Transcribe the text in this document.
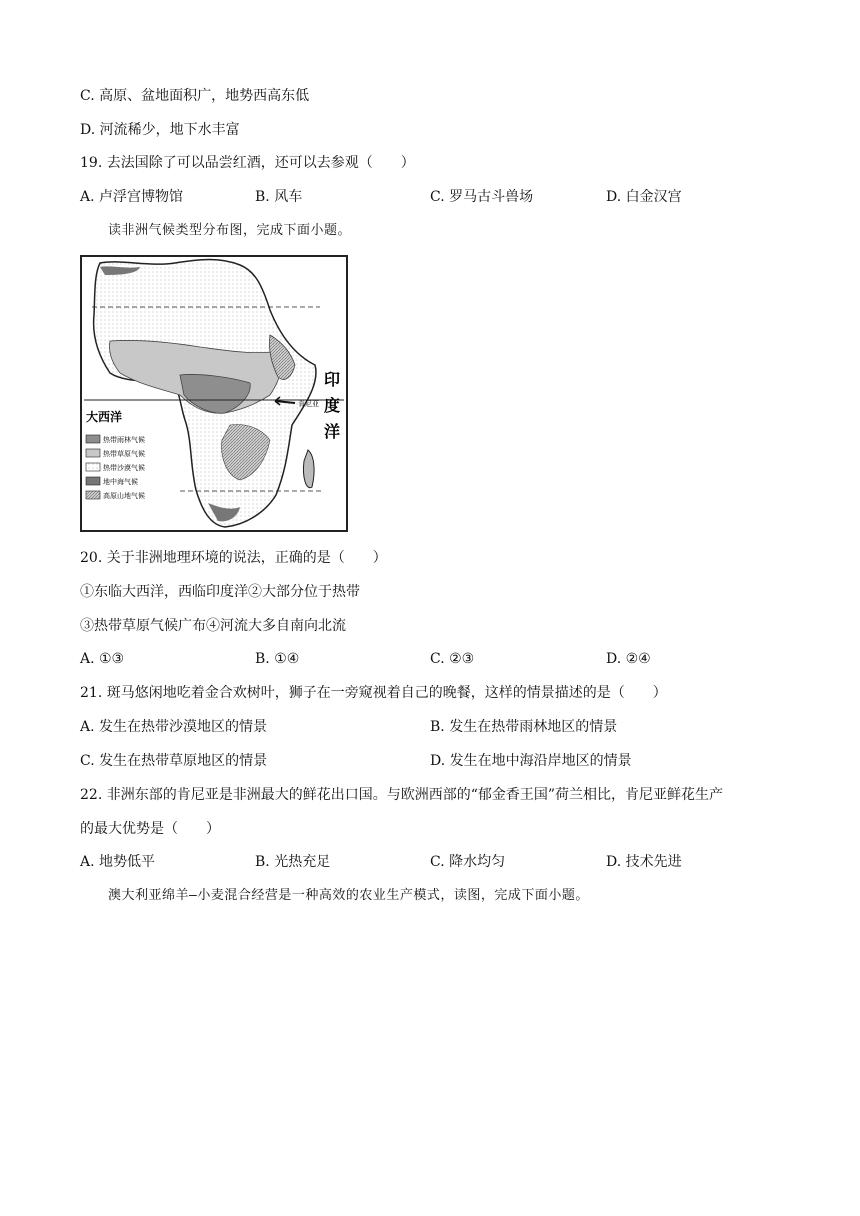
C. 高原、盆地面积广，地势西高东低
D. 河流稀少，地下水丰富
19. 去法国除了可以品尝红酒，还可以去参观（　　）
A. 卢浮宫博物馆	B. 风车	C. 罗马古斗兽场	D. 白金汉宫
读非洲气候类型分布图，完成下面小题。
肯尼亚
印
度
洋
大西洋
热带雨林气候
热带草原气候
热带沙漠气候
地中海气候
高原山地气候
20. 关于非洲地理环境的说法，正确的是（　　）
①东临大西洋，西临印度洋②大部分位于热带
③热带草原气候广布④河流大多自南向北流
A. ①③	B. ①④	C. ②③	D. ②④
21. 斑马悠闲地吃着金合欢树叶，狮子在一旁窥视着自己的晚餐，这样的情景描述的是（　　）
A. 发生在热带沙漠地区的情景	B. 发生在热带雨林地区的情景
C. 发生在热带草原地区的情景	D. 发生在地中海沿岸地区的情景
22. 非洲东部的肯尼亚是非洲最大的鲜花出口国。与欧洲西部的“郁金香王国”荷兰相比，肯尼亚鲜花生产
的最大优势是（　　）
A. 地势低平	B. 光热充足	C. 降水均匀	D. 技术先进
澳大利亚绵羊—小麦混合经营是一种高效的农业生产模式，读图，完成下面小题。
